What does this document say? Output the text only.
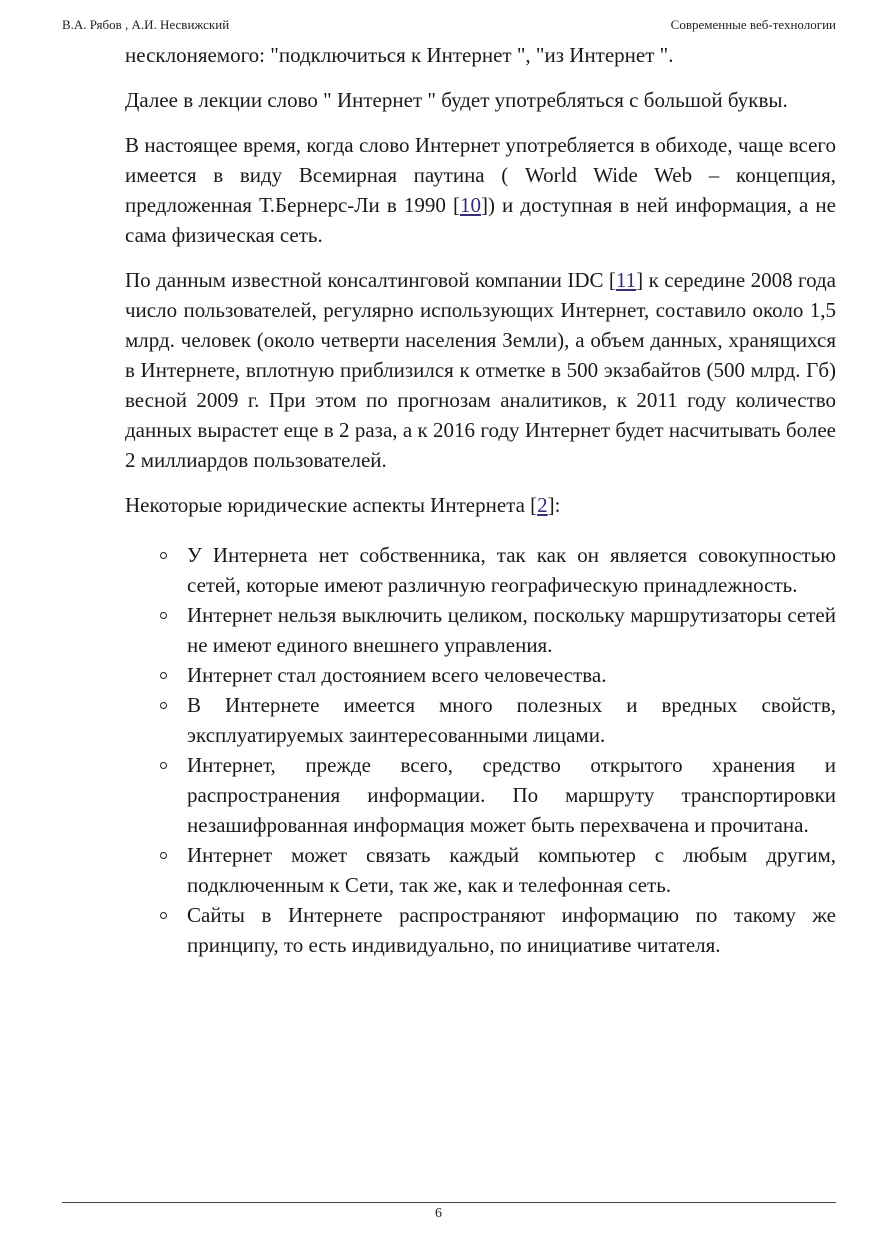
В.А. Рябов , А.И. Несвижский	Современные веб-технологии

несклоняемого: "подключиться к Интернет ", "из Интернет ".

Далее в лекции слово " Интернет " будет употребляться с большой буквы.

В настоящее время, когда слово Интернет употребляется в обиходе, чаще всего имеется в виду Всемирная паутина ( World Wide Web – концепция, предложенная Т.Бернерс-Ли в 1990 [10]) и доступная в ней информация, а не сама физическая сеть.

По данным известной консалтинговой компании IDC [11] к середине 2008 года число пользователей, регулярно использующих Интернет, составило около 1,5 млрд. человек (около четверти населения Земли), а объем данных, хранящихся в Интернете, вплотную приблизился к отметке в 500 экзабайтов (500 млрд. Гб) весной 2009 г. При этом по прогнозам аналитиков, к 2011 году количество данных вырастет еще в 2 раза, а к 2016 году Интернет будет насчитывать более 2 миллиардов пользователей.

Некоторые юридические аспекты Интернета [2]:

У Интернета нет собственника, так как он является совокупностью сетей, которые имеют различную географическую принадлежность.
Интернет нельзя выключить целиком, поскольку маршрутизаторы сетей не имеют единого внешнего управления.
Интернет стал достоянием всего человечества.
В Интернете имеется много полезных и вредных свойств, эксплуатируемых заинтересованными лицами.
Интернет, прежде всего, средство открытого хранения и распространения информации. По маршруту транспортировки незашифрованная информация может быть перехвачена и прочитана.
Интернет может связать каждый компьютер с любым другим, подключенным к Сети, так же, как и телефонная сеть.
Сайты в Интернете распространяют информацию по такому же принципу, то есть индивидуально, по инициативе читателя.
6
